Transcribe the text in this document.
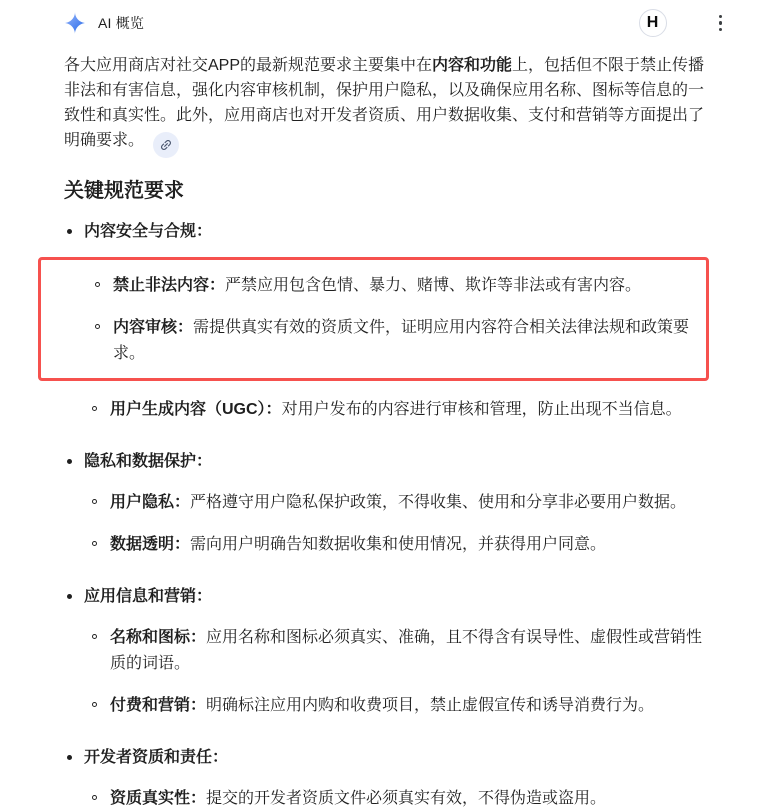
AI 概览	H

各大应用商店对社交APP的最新规范要求主要集中在内容和功能上，包括但不限于禁止传播非法和有害信息，强化内容审核机制，保护用户隐私，以及确保应用名称、图标等信息的一致性和真实性。此外，应用商店也对开发者资质、用户数据收集、支付和营销等方面提出了明确要求。

关键规范要求
内容安全与合规：
禁止非法内容：严禁应用包含色情、暴力、赌博、欺诈等非法或有害内容。
内容审核：需提供真实有效的资质文件，证明应用内容符合相关法律法规和政策要求。
用户生成内容（UGC）：对用户发布的内容进行审核和管理，防止出现不当信息。
隐私和数据保护：
用户隐私：严格遵守用户隐私保护政策，不得收集、使用和分享非必要用户数据。
数据透明：需向用户明确告知数据收集和使用情况，并获得用户同意。
应用信息和营销：
名称和图标：应用名称和图标必须真实、准确，且不得含有误导性、虚假性或营销性质的词语。
付费和营销：明确标注应用内购和收费项目，禁止虚假宣传和诱导消费行为。
开发者资质和责任：
资质真实性：提交的开发者资质文件必须真实有效，不得伪造或盗用。
